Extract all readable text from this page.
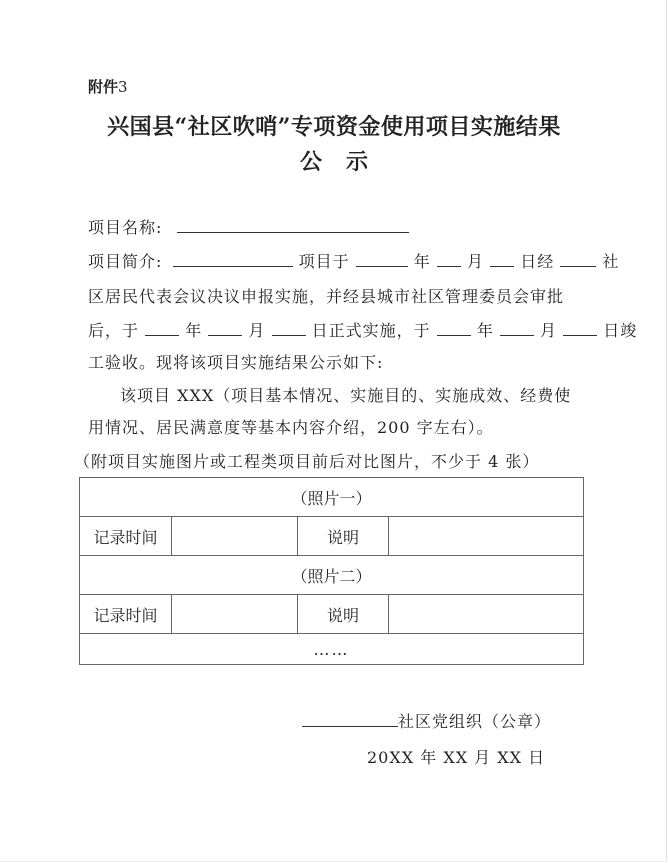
附件3
兴国县“社区吹哨”专项资金使用项目实施结果
公示
项目名称:
项目简介:	项目于	年 月 日经	社
区居民代表会议决议申报实施，并经县城市社区管理委员会审批
后，于	年	月	日正式实施，于	年	月	日竣
工验收。现将该项目实施结果公示如下:
该项目 XXX（项目基本情况、实施目的、实施成效、经费使
用情况、居民满意度等基本内容介绍，200 字左右）。
（附项目实施图片或工程类项目前后对比图片，不少于 4 张）
（照片一）			
记录时间		说明	
（照片二）			
记录时间		说明	
……			
社区党组织（公章）
20XX 年 XX 月 XX 日
